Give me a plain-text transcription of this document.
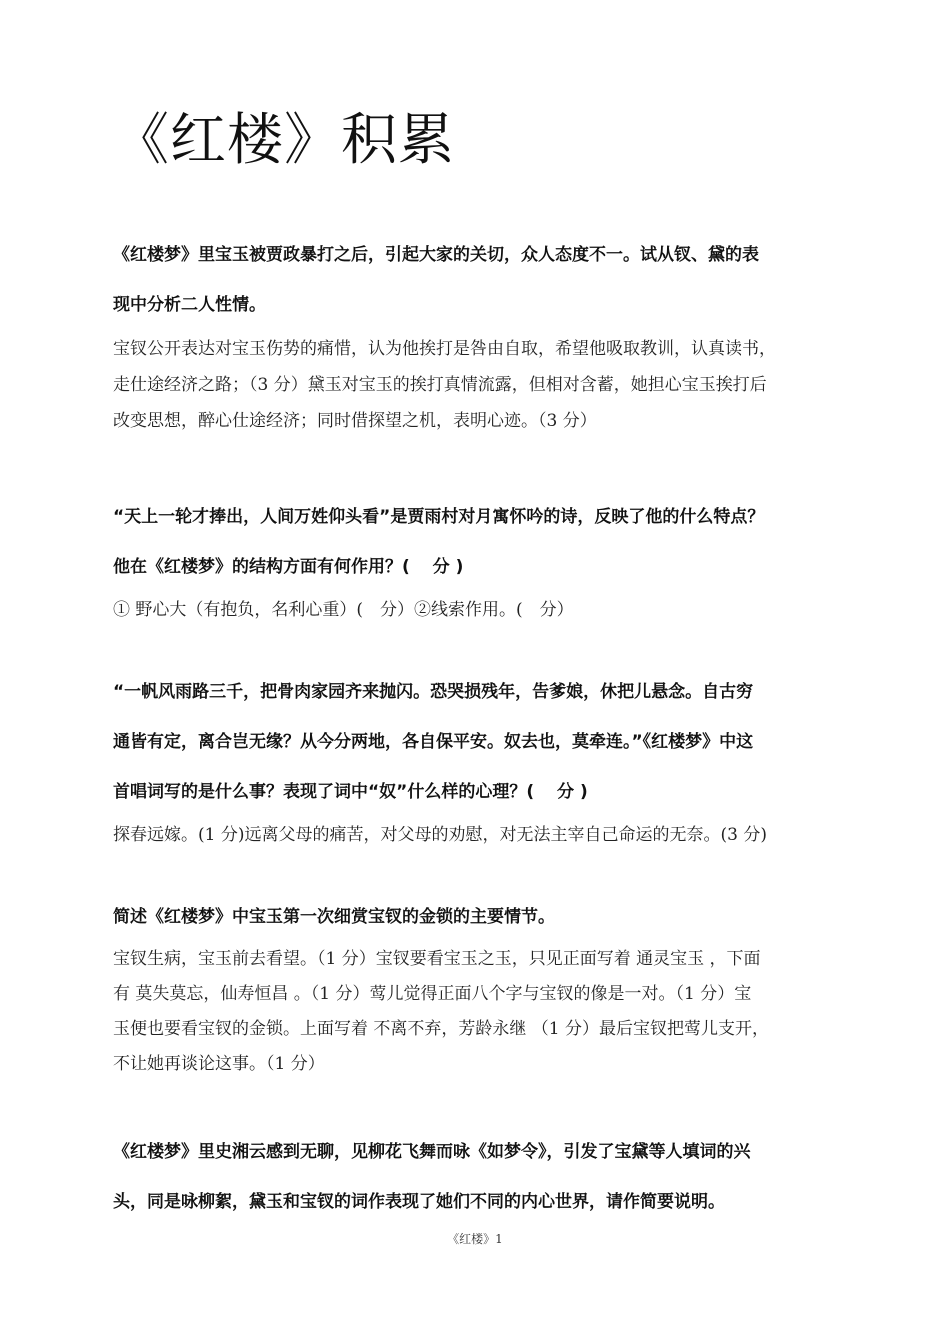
《红楼》积累
《红楼梦》里宝玉被贾政暴打之后，引起大家的关切，众人态度不一。试从钗、黛的表
现中分析二人性情。
宝钗公开表达对宝玉伤势的痛惜，认为他挨打是咎由自取，希望他吸取教训，认真读书，
走仕途经济之路；（3 分）黛玉对宝玉的挨打真情流露，但相对含蓄，她担心宝玉挨打后
改变思想，醉心仕途经济；同时借探望之机，表明心迹。（3 分）
“天上一轮才捧出，人间万姓仰头看”是贾雨村对月寓怀吟的诗，反映了他的什么特点？
他在《红楼梦》的结构方面有何作用？(　 分 )
① 野心大（有抱负，名利心重）(　分）②线索作用。(　分）
“一帆风雨路三千，把骨肉家园齐来抛闪。恐哭损残年，告爹娘，休把儿悬念。自古穷
通皆有定，离合岂无缘？从今分两地，各自保平安。奴去也，莫牵连。”《红楼梦》中这
首唱词写的是什么事？表现了词中“奴”什么样的心理？(　 分 )
探春远嫁。(1 分)远离父母的痛苦，对父母的劝慰，对无法主宰自己命运的无奈。(3 分)
简述《红楼梦》中宝玉第一次细赏宝钗的金锁的主要情节。
宝钗生病，宝玉前去看望。（1 分）宝钗要看宝玉之玉，只见正面写着 通灵宝玉 ，下面
有 莫失莫忘，仙寿恒昌 。（1 分）莺儿觉得正面八个字与宝钗的像是一对。（1 分）宝
玉便也要看宝钗的金锁。上面写着 不离不弃，芳龄永继 （1 分）最后宝钗把莺儿支开，
不让她再谈论这事。（1 分）
《红楼梦》里史湘云感到无聊，见柳花飞舞而咏《如梦令》，引发了宝黛等人填词的兴
头，同是咏柳絮，黛玉和宝钗的词作表现了她们不同的内心世界，请作简要说明。
《红楼》1
